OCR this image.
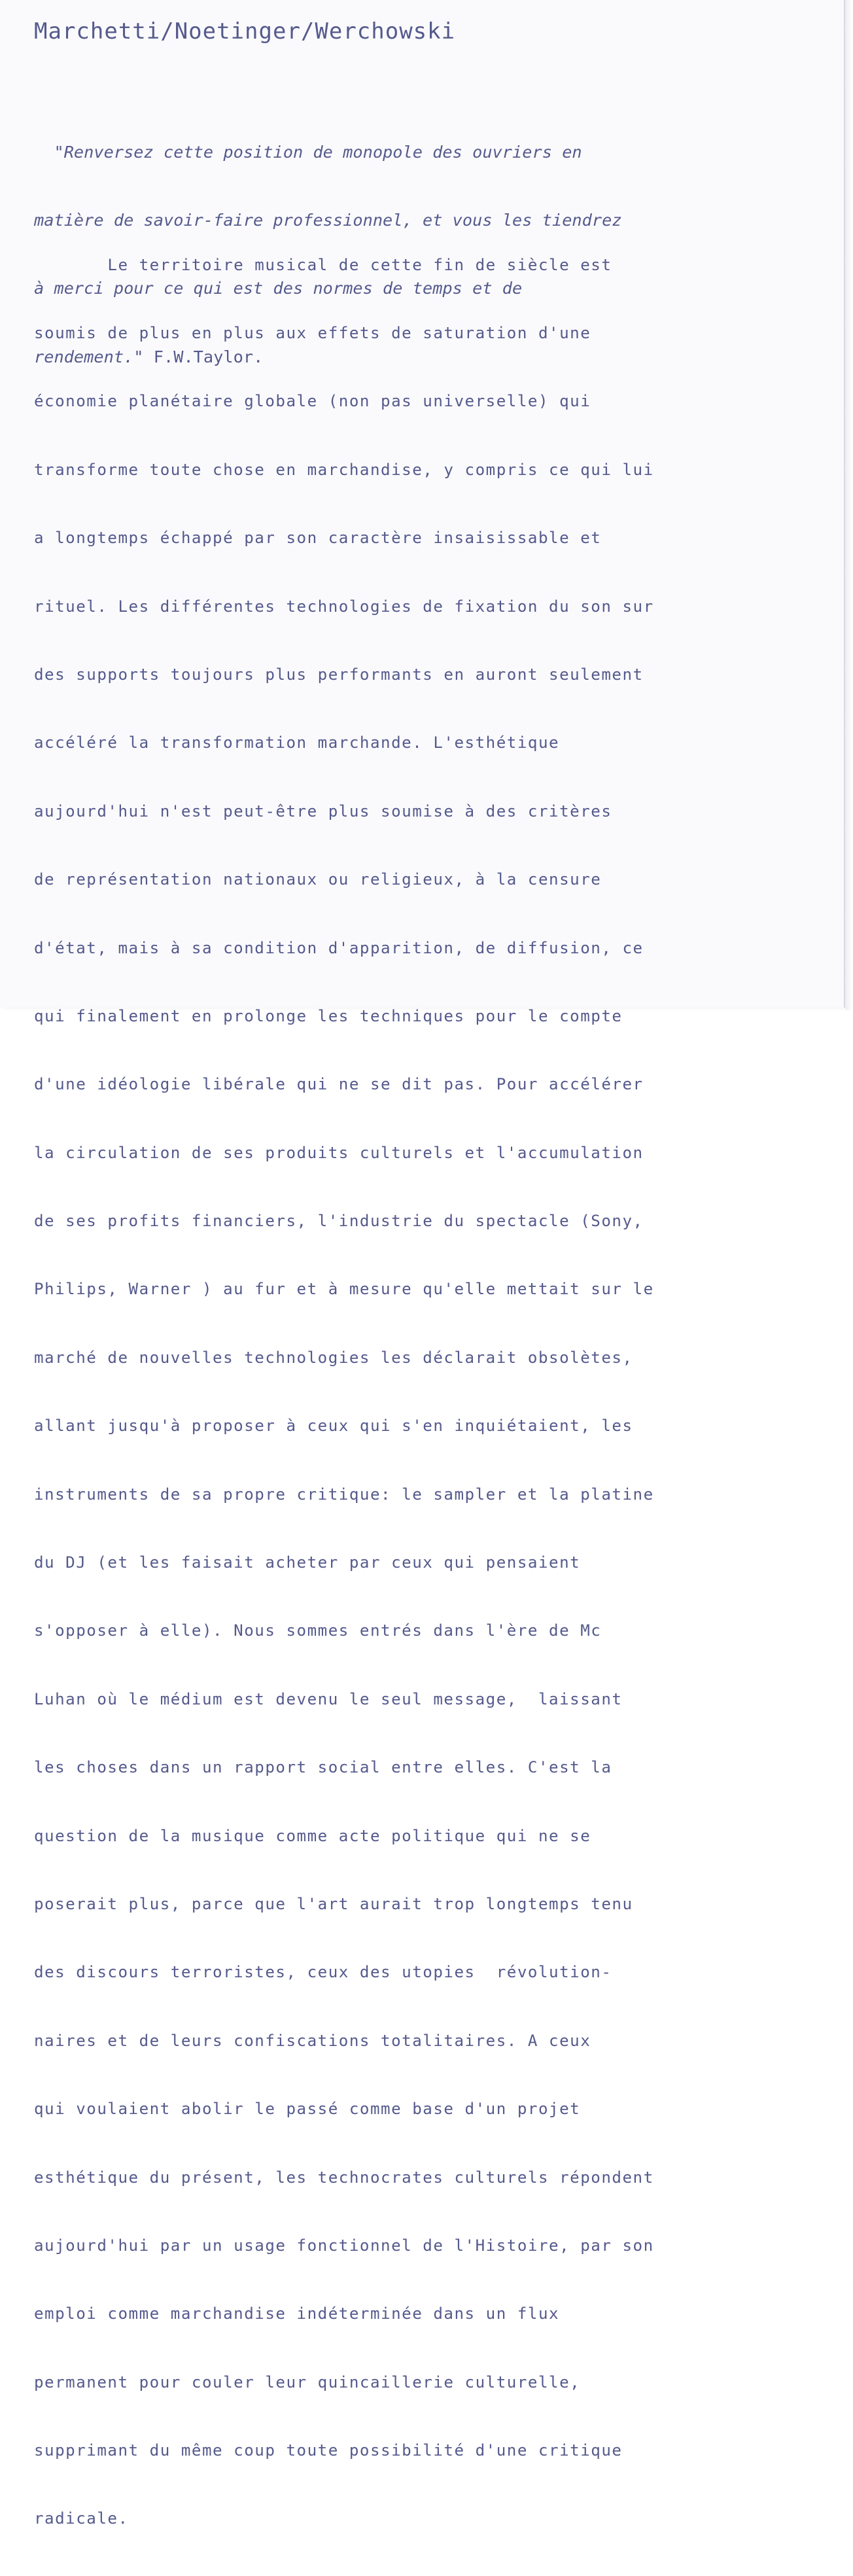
Marchetti/Noetinger/Werchowski

"Renversez cette position de monopole des ouvriers en

matière de savoir-faire professionnel, et vous les tiendrez

à merci pour ce qui est des normes de temps et de

rendement." F.W.Taylor.

Le territoire musical de cette fin de siècle est

soumis de plus en plus aux effets de saturation d'une

économie planétaire globale (non pas universelle) qui

transforme toute chose en marchandise, y compris ce qui lui

a longtemps échappé par son caractère insaisissable et

rituel. Les différentes technologies de fixation du son sur

des supports toujours plus performants en auront seulement

accéléré la transformation marchande. L'esthétique

aujourd'hui n'est peut-être plus soumise à des critères

de représentation nationaux ou religieux, à la censure

d'état, mais à sa condition d'apparition, de diffusion, ce

qui finalement en prolonge les techniques pour le compte

d'une idéologie libérale qui ne se dit pas. Pour accélérer

la circulation de ses produits culturels et l'accumulation

de ses profits financiers, l'industrie du spectacle (Sony,

Philips, Warner ) au fur et à mesure qu'elle mettait sur le

marché de nouvelles technologies les déclarait obsolètes,

allant jusqu'à proposer à ceux qui s'en inquiétaient, les

instruments de sa propre critique: le sampler et la platine

du DJ (et les faisait acheter par ceux qui pensaient

s'opposer à elle). Nous sommes entrés dans l'ère de Mc

Luhan où le médium est devenu le seul message,  laissant

les choses dans un rapport social entre elles. C'est la

question de la musique comme acte politique qui ne se

poserait plus, parce que l'art aurait trop longtemps tenu

des discours terroristes, ceux des utopies  révolution-

naires et de leurs confiscations totalitaires. A ceux

qui voulaient abolir le passé comme base d'un projet

esthétique du présent, les technocrates culturels répondent

aujourd'hui par un usage fonctionnel de l'Histoire, par son

emploi comme marchandise indéterminée dans un flux

permanent pour couler leur quincaillerie culturelle,

supprimant du même coup toute possibilité d'une critique

radicale.
